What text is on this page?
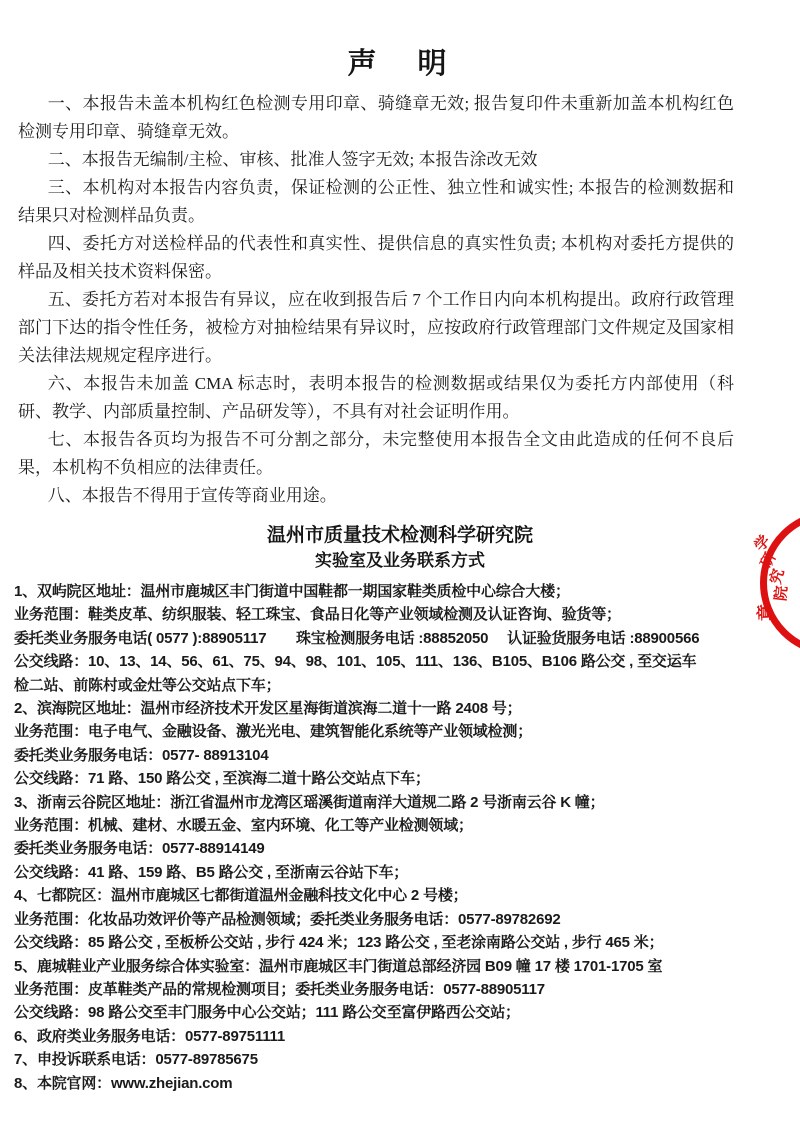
声　明

一、本报告未盖本机构红色检测专用印章、骑缝章无效; 报告复印件未重新加盖本机构红色检测专用印章、骑缝章无效。

二、本报告无编制/主检、审核、批准人签字无效; 本报告涂改无效

三、本机构对本报告内容负责，保证检测的公正性、独立性和诚实性; 本报告的检测数据和结果只对检测样品负责。

四、委托方对送检样品的代表性和真实性、提供信息的真实性负责; 本机构对委托方提供的样品及相关技术资料保密。

五、委托方若对本报告有异议，应在收到报告后 7 个工作日内向本机构提出。政府行政管理部门下达的指令性任务，被检方对抽检结果有异议时，应按政府行政管理部门文件规定及国家相关法律法规规定程序进行。

六、本报告未加盖 CMA 标志时，表明本报告的检测数据或结果仅为委托方内部使用（科研、教学、内部质量控制、产品研发等），不具有对社会证明作用。

七、本报告各页均为报告不可分割之部分，未完整使用本报告全文由此造成的任何不良后果，本机构不负相应的法律责任。

八、本报告不得用于宣传等商业用途。

温州市质量技术检测科学研究院
实验室及业务联系方式
1、双屿院区地址：温州市鹿城区丰门街道中国鞋都一期国家鞋类质检中心综合大楼；
业务范围：鞋类皮革、纺织服装、轻工珠宝、食品日化等产业领域检测及认证咨询、验货等；
委托类业务服务电话( 0577 ):88905117　　珠宝检测服务电话 :88852050　 认证验货服务电话 :88900566
公交线路：10、13、14、56、61、75、94、98、101、105、111、136、B105、B106 路公交 , 至交运车
检二站、前陈村或金灶等公交站点下车；
2、滨海院区地址：温州市经济技术开发区星海街道滨海二道十一路 2408 号；
业务范围：电子电气、金融设备、激光光电、建筑智能化系统等产业领域检测；
委托类业务服务电话：0577- 88913104
公交线路：71 路、150 路公交 , 至滨海二道十路公交站点下车；
3、浙南云谷院区地址：浙江省温州市龙湾区瑶溪街道南洋大道规二路 2 号浙南云谷 K 幢；
业务范围：机械、建材、水暖五金、室内环境、化工等产业检测领域；
委托类业务服务电话：0577-88914149
公交线路：41 路、159 路、B5 路公交 , 至浙南云谷站下车；
4、七都院区：温州市鹿城区七都街道温州金融科技文化中心 2 号楼；
业务范围：化妆品功效评价等产品检测领域；委托类业务服务电话：0577-89782692
公交线路：85 路公交 , 至板桥公交站 , 步行 424 米；123 路公交 , 至老涂南路公交站 , 步行 465 米；
5、鹿城鞋业产业服务综合体实验室：温州市鹿城区丰门街道总部经济园 B09 幢 17 楼 1701-1705 室
业务范围：皮革鞋类产品的常规检测项目；委托类业务服务电话：0577-88905117
公交线路：98 路公交至丰门服务中心公交站；111 路公交至富伊路西公交站；
6、政府类业务服务电话：0577-89751111
7、申投诉联系电话：0577-89785675
8、本院官网：www.zhejian.com
学
研
究
院
章
